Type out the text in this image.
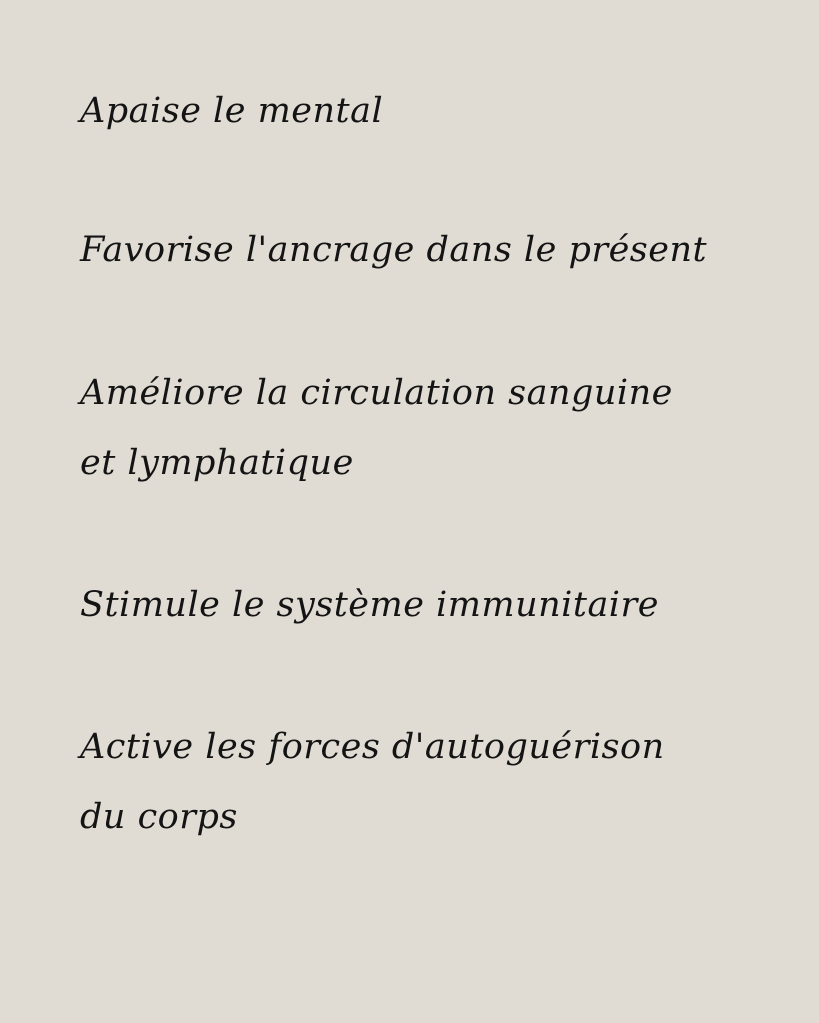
Apaise le mental

Favorise l'ancrage dans le présent

Améliore la circulation sanguine et lymphatique

Stimule le système immunitaire

Active les forces d'autoguérison du corps
